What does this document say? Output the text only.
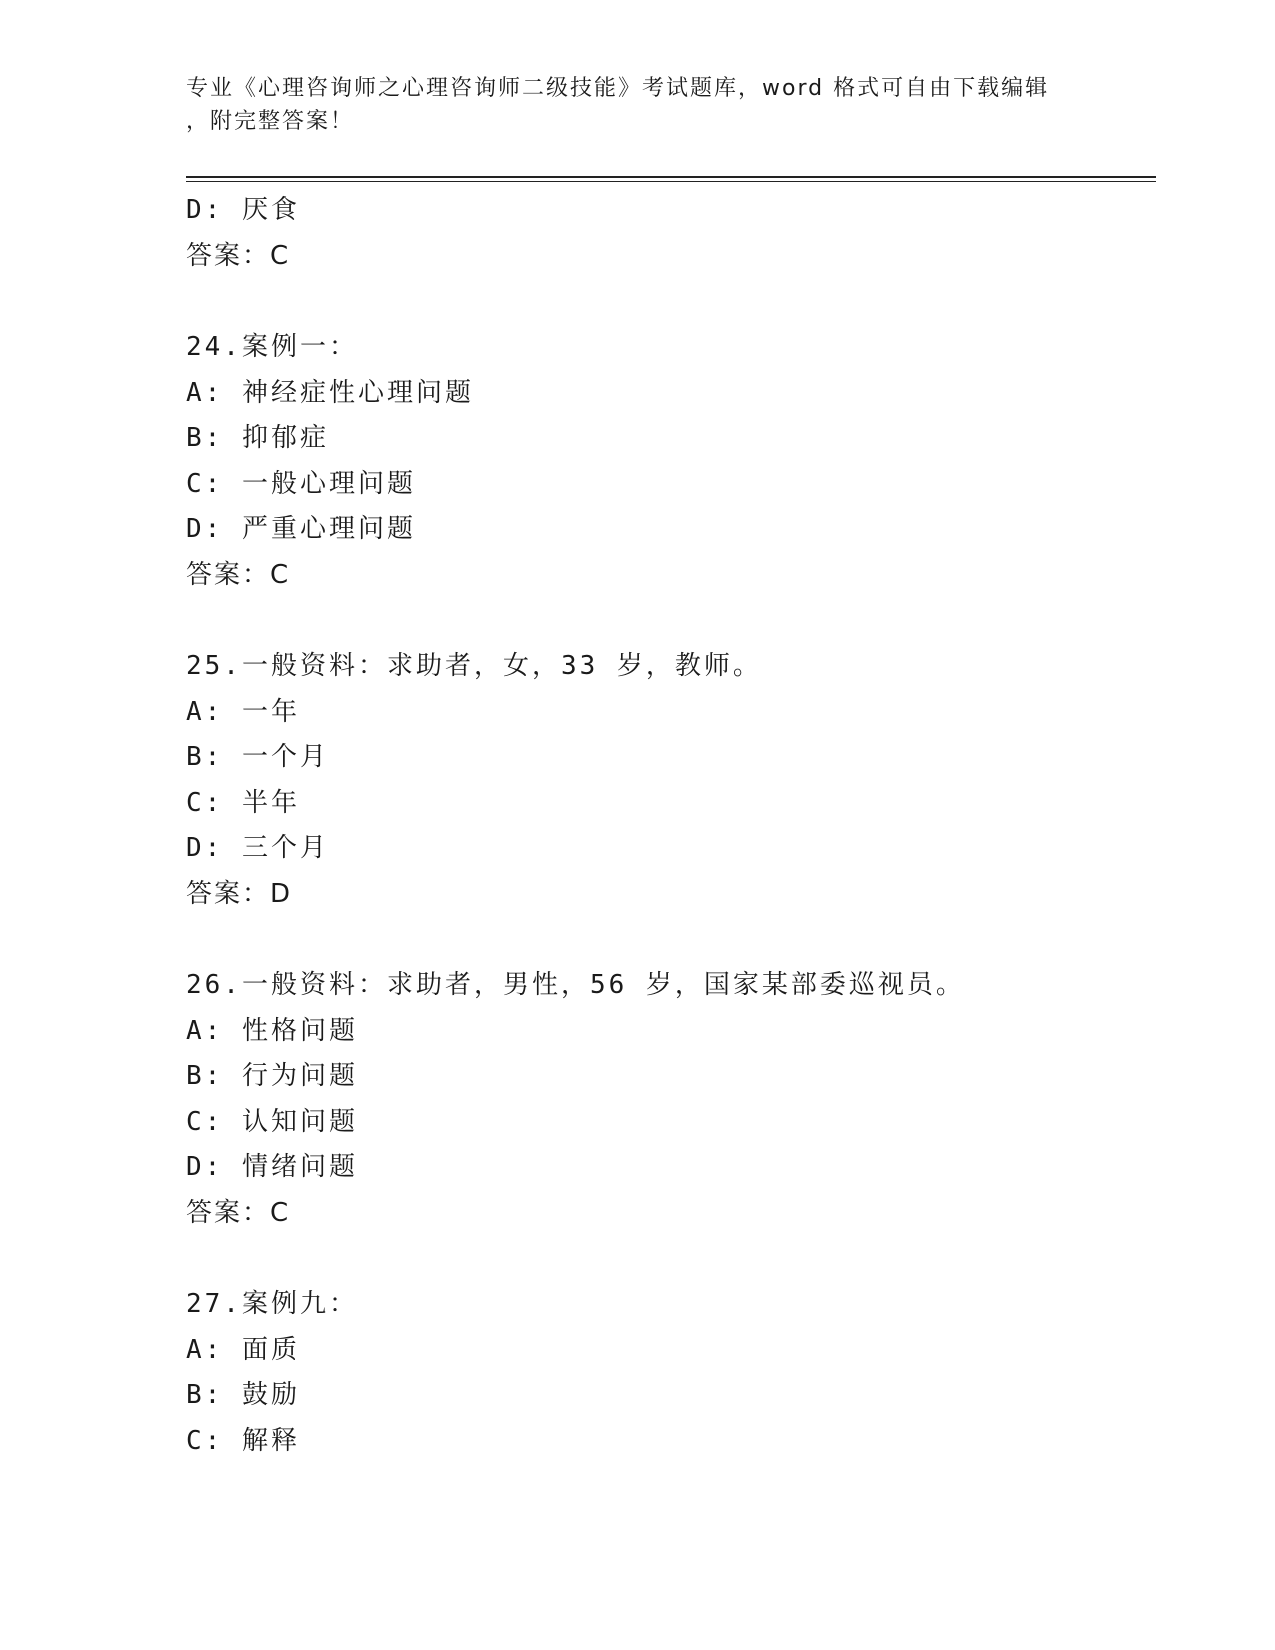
专业《心理咨询师之心理咨询师二级技能》考试题库，word 格式可自由下载编辑
，附完整答案！
D: 厌食
答案：C
24.案例一：
A: 神经症性心理问题
B: 抑郁症
C: 一般心理问题
D: 严重心理问题
答案：C
25.一般资料：求助者，女，33 岁，教师。
A: 一年
B: 一个月
C: 半年
D: 三个月
答案：D
26.一般资料：求助者，男性，56 岁，国家某部委巡视员。
A: 性格问题
B: 行为问题
C: 认知问题
D: 情绪问题
答案：C
27.案例九：
A: 面质
B: 鼓励
C: 解释
